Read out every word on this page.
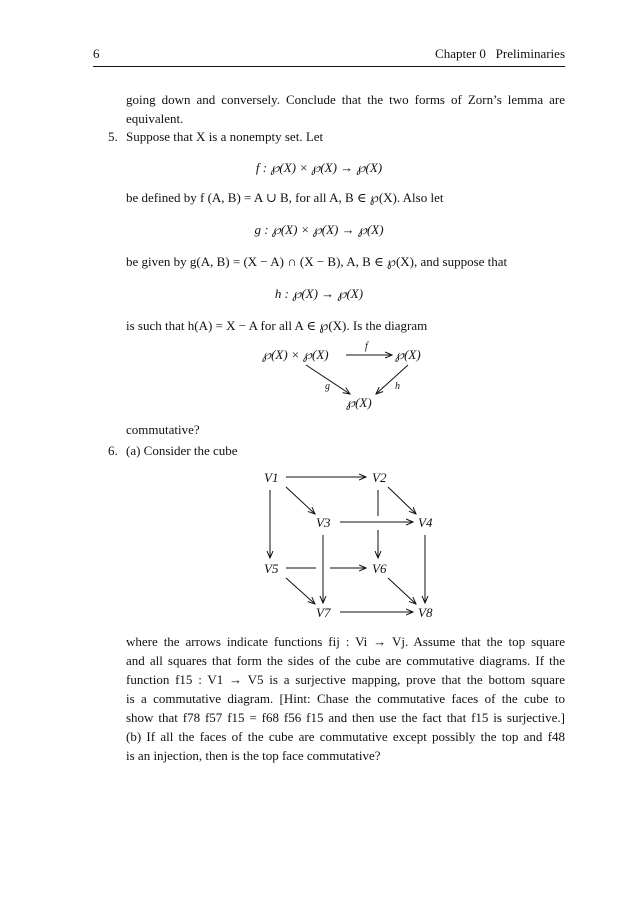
6	Chapter 0   Preliminaries
going down and conversely. Conclude that the two forms of Zorn’s lemma are
equivalent.
5. Suppose that X is a nonempty set. Let
f : ℘(X) × ℘(X) → ℘(X)
be defined by f (A, B) = A ∪ B, for all A, B ∈ ℘(X). Also let
g : ℘(X) × ℘(X) → ℘(X)
be given by g(A, B) = (X − A) ∩ (X − B), A, B ∈ ℘(X), and suppose that
h : ℘(X) → ℘(X)
is such that h(A) = X − A for all A ∈ ℘(X). Is the diagram
℘(X) × ℘(X)	℘(X)
℘(X)
f
g	h
commutative?
6. (a) Consider the cube
V1	V2
V3	V4
V5	V6
V7	V8
where the arrows indicate functions fij : Vi → Vj. Assume that the top square
and all squares that form the sides of the cube are commutative diagrams. If the
function f15 : V1 → V5 is a surjective mapping, prove that the bottom square
is a commutative diagram. [Hint: Chase the commutative faces of the cube to
show that f78 f57 f15 = f68 f56 f15 and then use the fact that f15 is surjective.]
(b) If all the faces of the cube are commutative except possibly the top and f48
is an injection, then is the top face commutative?
